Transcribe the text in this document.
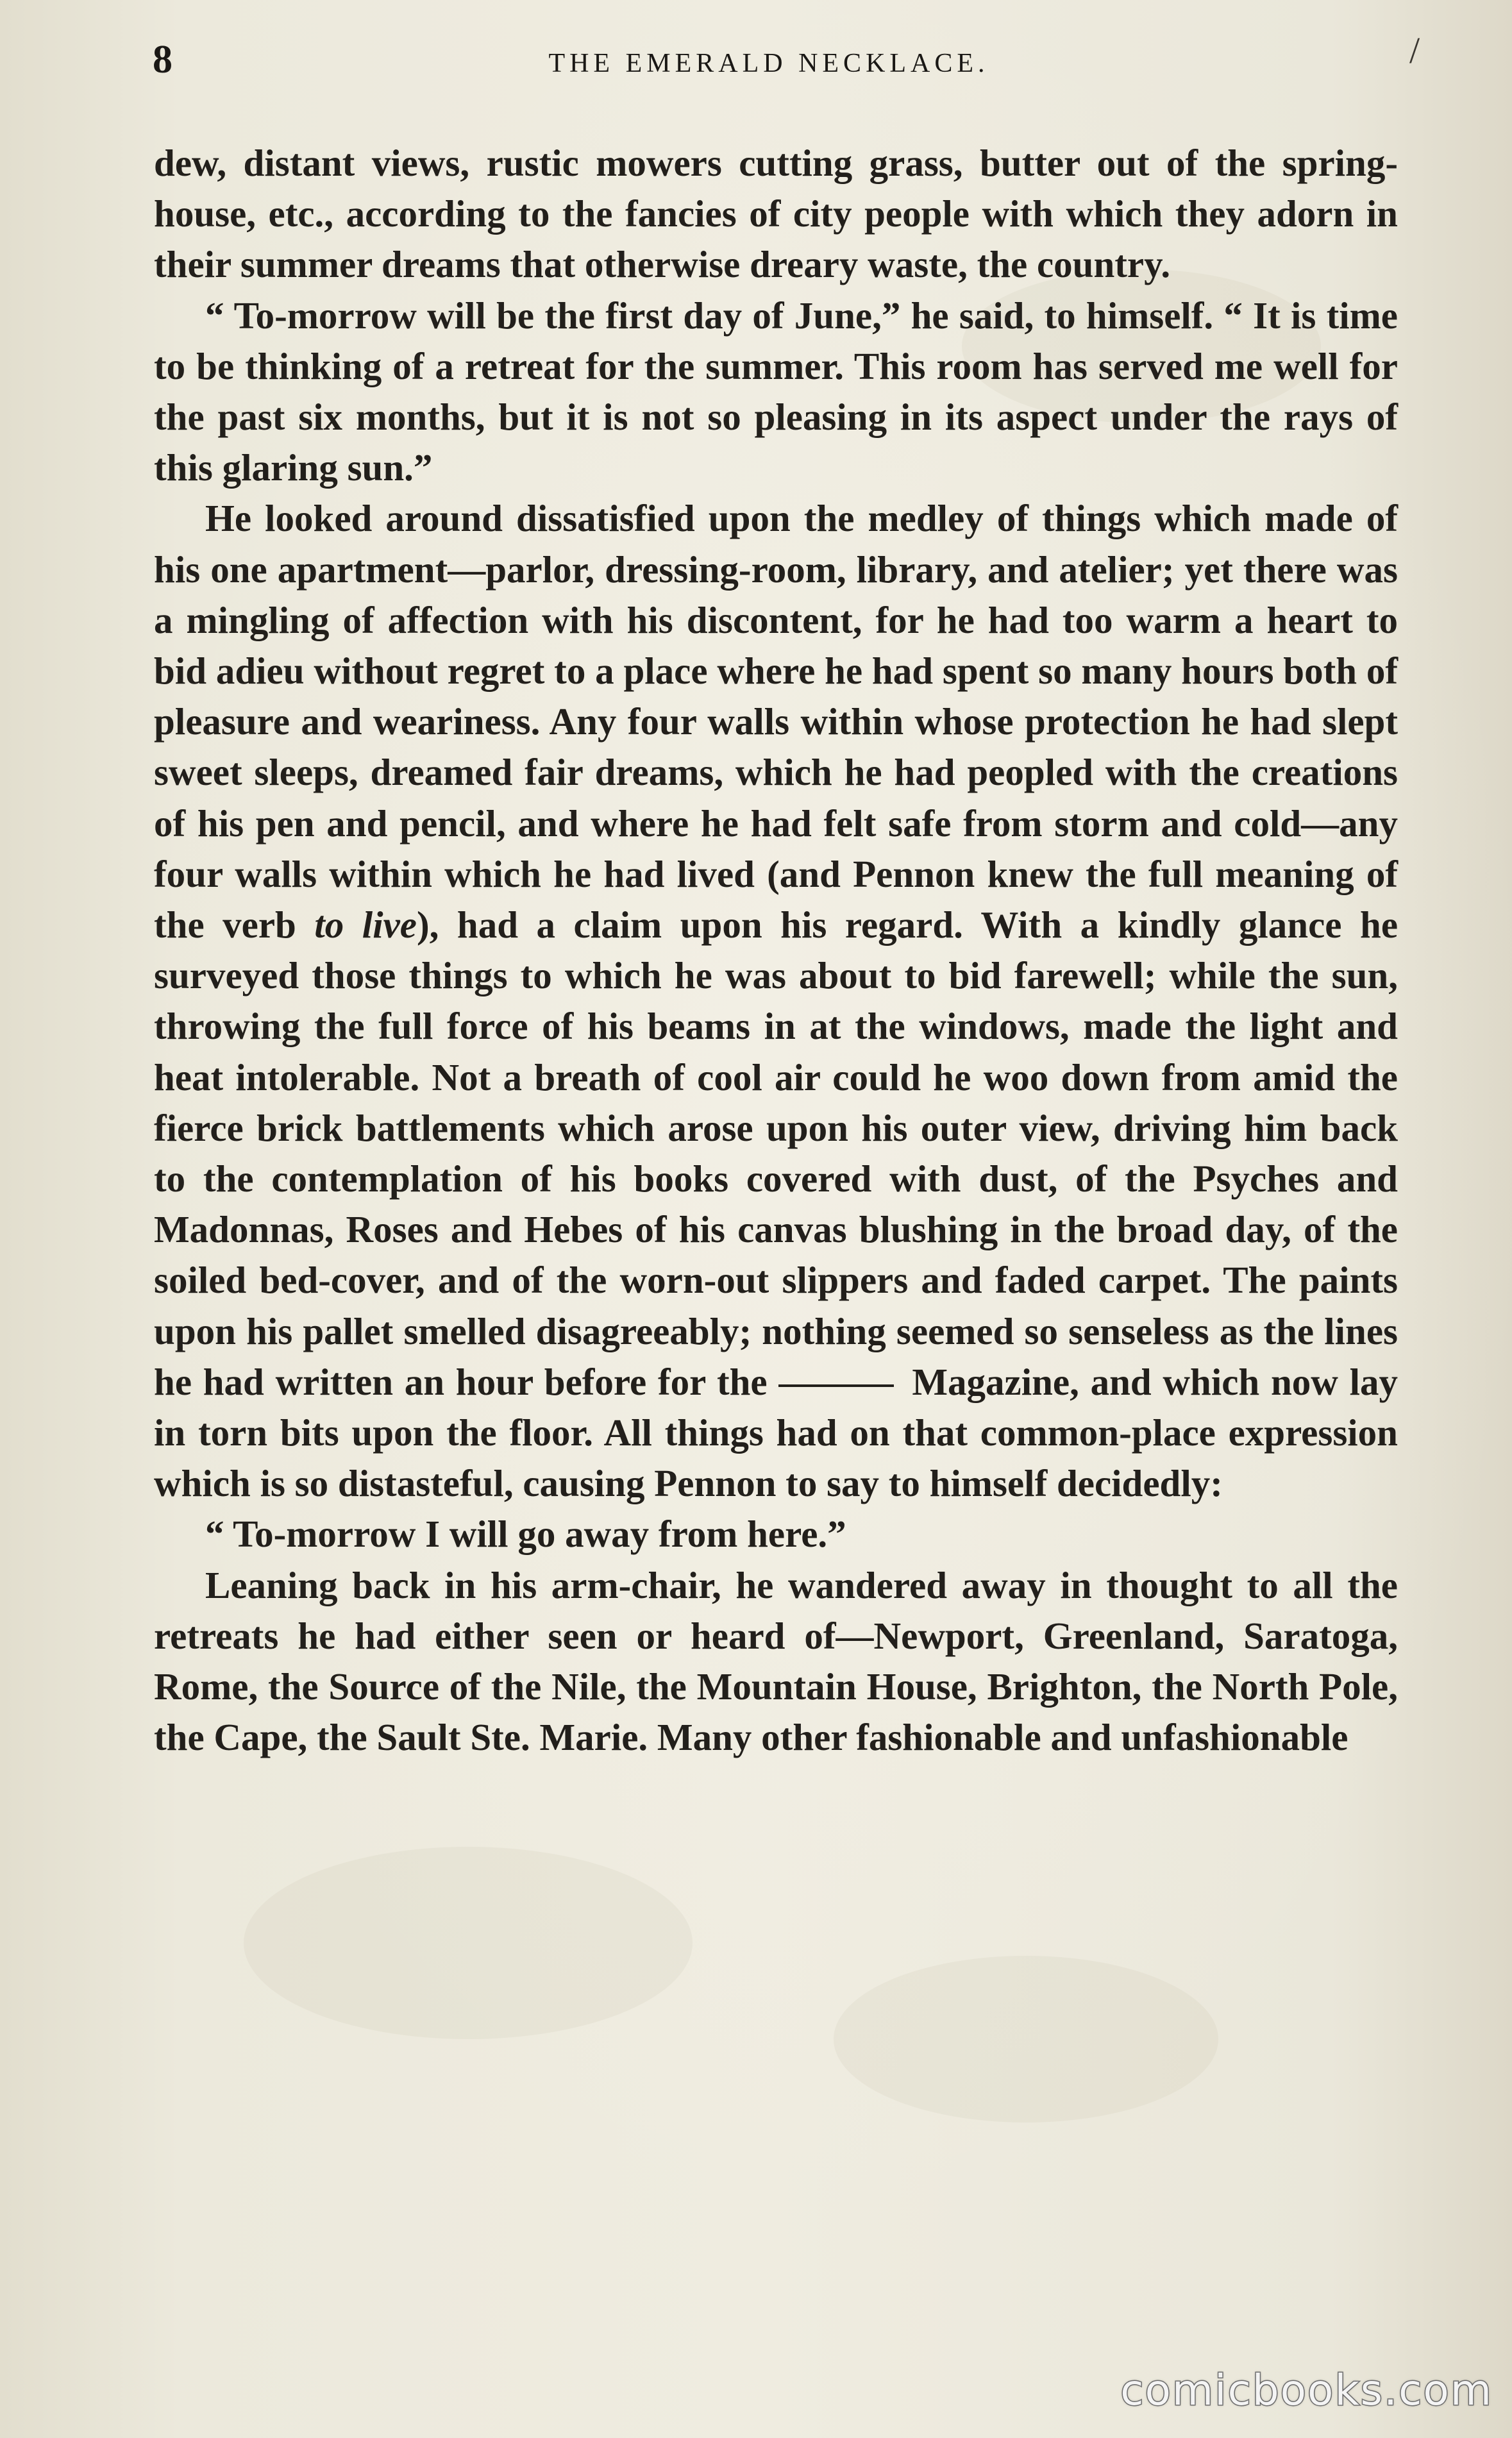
8	THE EMERALD NECKLACE.	/

dew, distant views, rustic mowers cutting grass, butter out of the spring-house, etc., according to the fancies of city people with which they adorn in their summer dreams that otherwise dreary waste, the country.

“ To-morrow will be the first day of June,” he said, to himself. “ It is time to be thinking of a retreat for the summer. This room has served me well for the past six months, but it is not so pleasing in its aspect under the rays of this glaring sun.”

He looked around dissatisfied upon the medley of things which made of his one apartment—parlor, dressing-room, library, and atelier; yet there was a mingling of affection with his discontent, for he had too warm a heart to bid adieu without regret to a place where he had spent so many hours both of pleasure and weariness. Any four walls within whose protection he had slept sweet sleeps, dreamed fair dreams, which he had peopled with the creations of his pen and pencil, and where he had felt safe from storm and cold—any four walls within which he had lived (and Pennon knew the full meaning of the verb to live), had a claim upon his regard. With a kindly glance he surveyed those things to which he was about to bid farewell; while the sun, throwing the full force of his beams in at the windows, made the light and heat intolerable. Not a breath of cool air could he woo down from amid the fierce brick battlements which arose upon his outer view, driving him back to the contemplation of his books covered with dust, of the Psyches and Madonnas, Roses and Hebes of his canvas blushing in the broad day, of the soiled bed-cover, and of the worn-out slippers and faded carpet. The paints upon his pallet smelled disagreeably; nothing seemed so senseless as the lines he had written an hour before for the	Magazine, and which now lay in torn bits upon the floor. All things had on that common-place expression which is so distasteful, causing Pennon to say to himself decidedly:

“ To-morrow I will go away from here.”

Leaning back in his arm-chair, he wandered away in thought to all the retreats he had either seen or heard of—Newport, Greenland, Saratoga, Rome, the Source of the Nile, the Mountain House, Brighton, the North Pole, the Cape, the Sault Ste. Marie. Many other fashionable and unfashionable

comicbooks.com
